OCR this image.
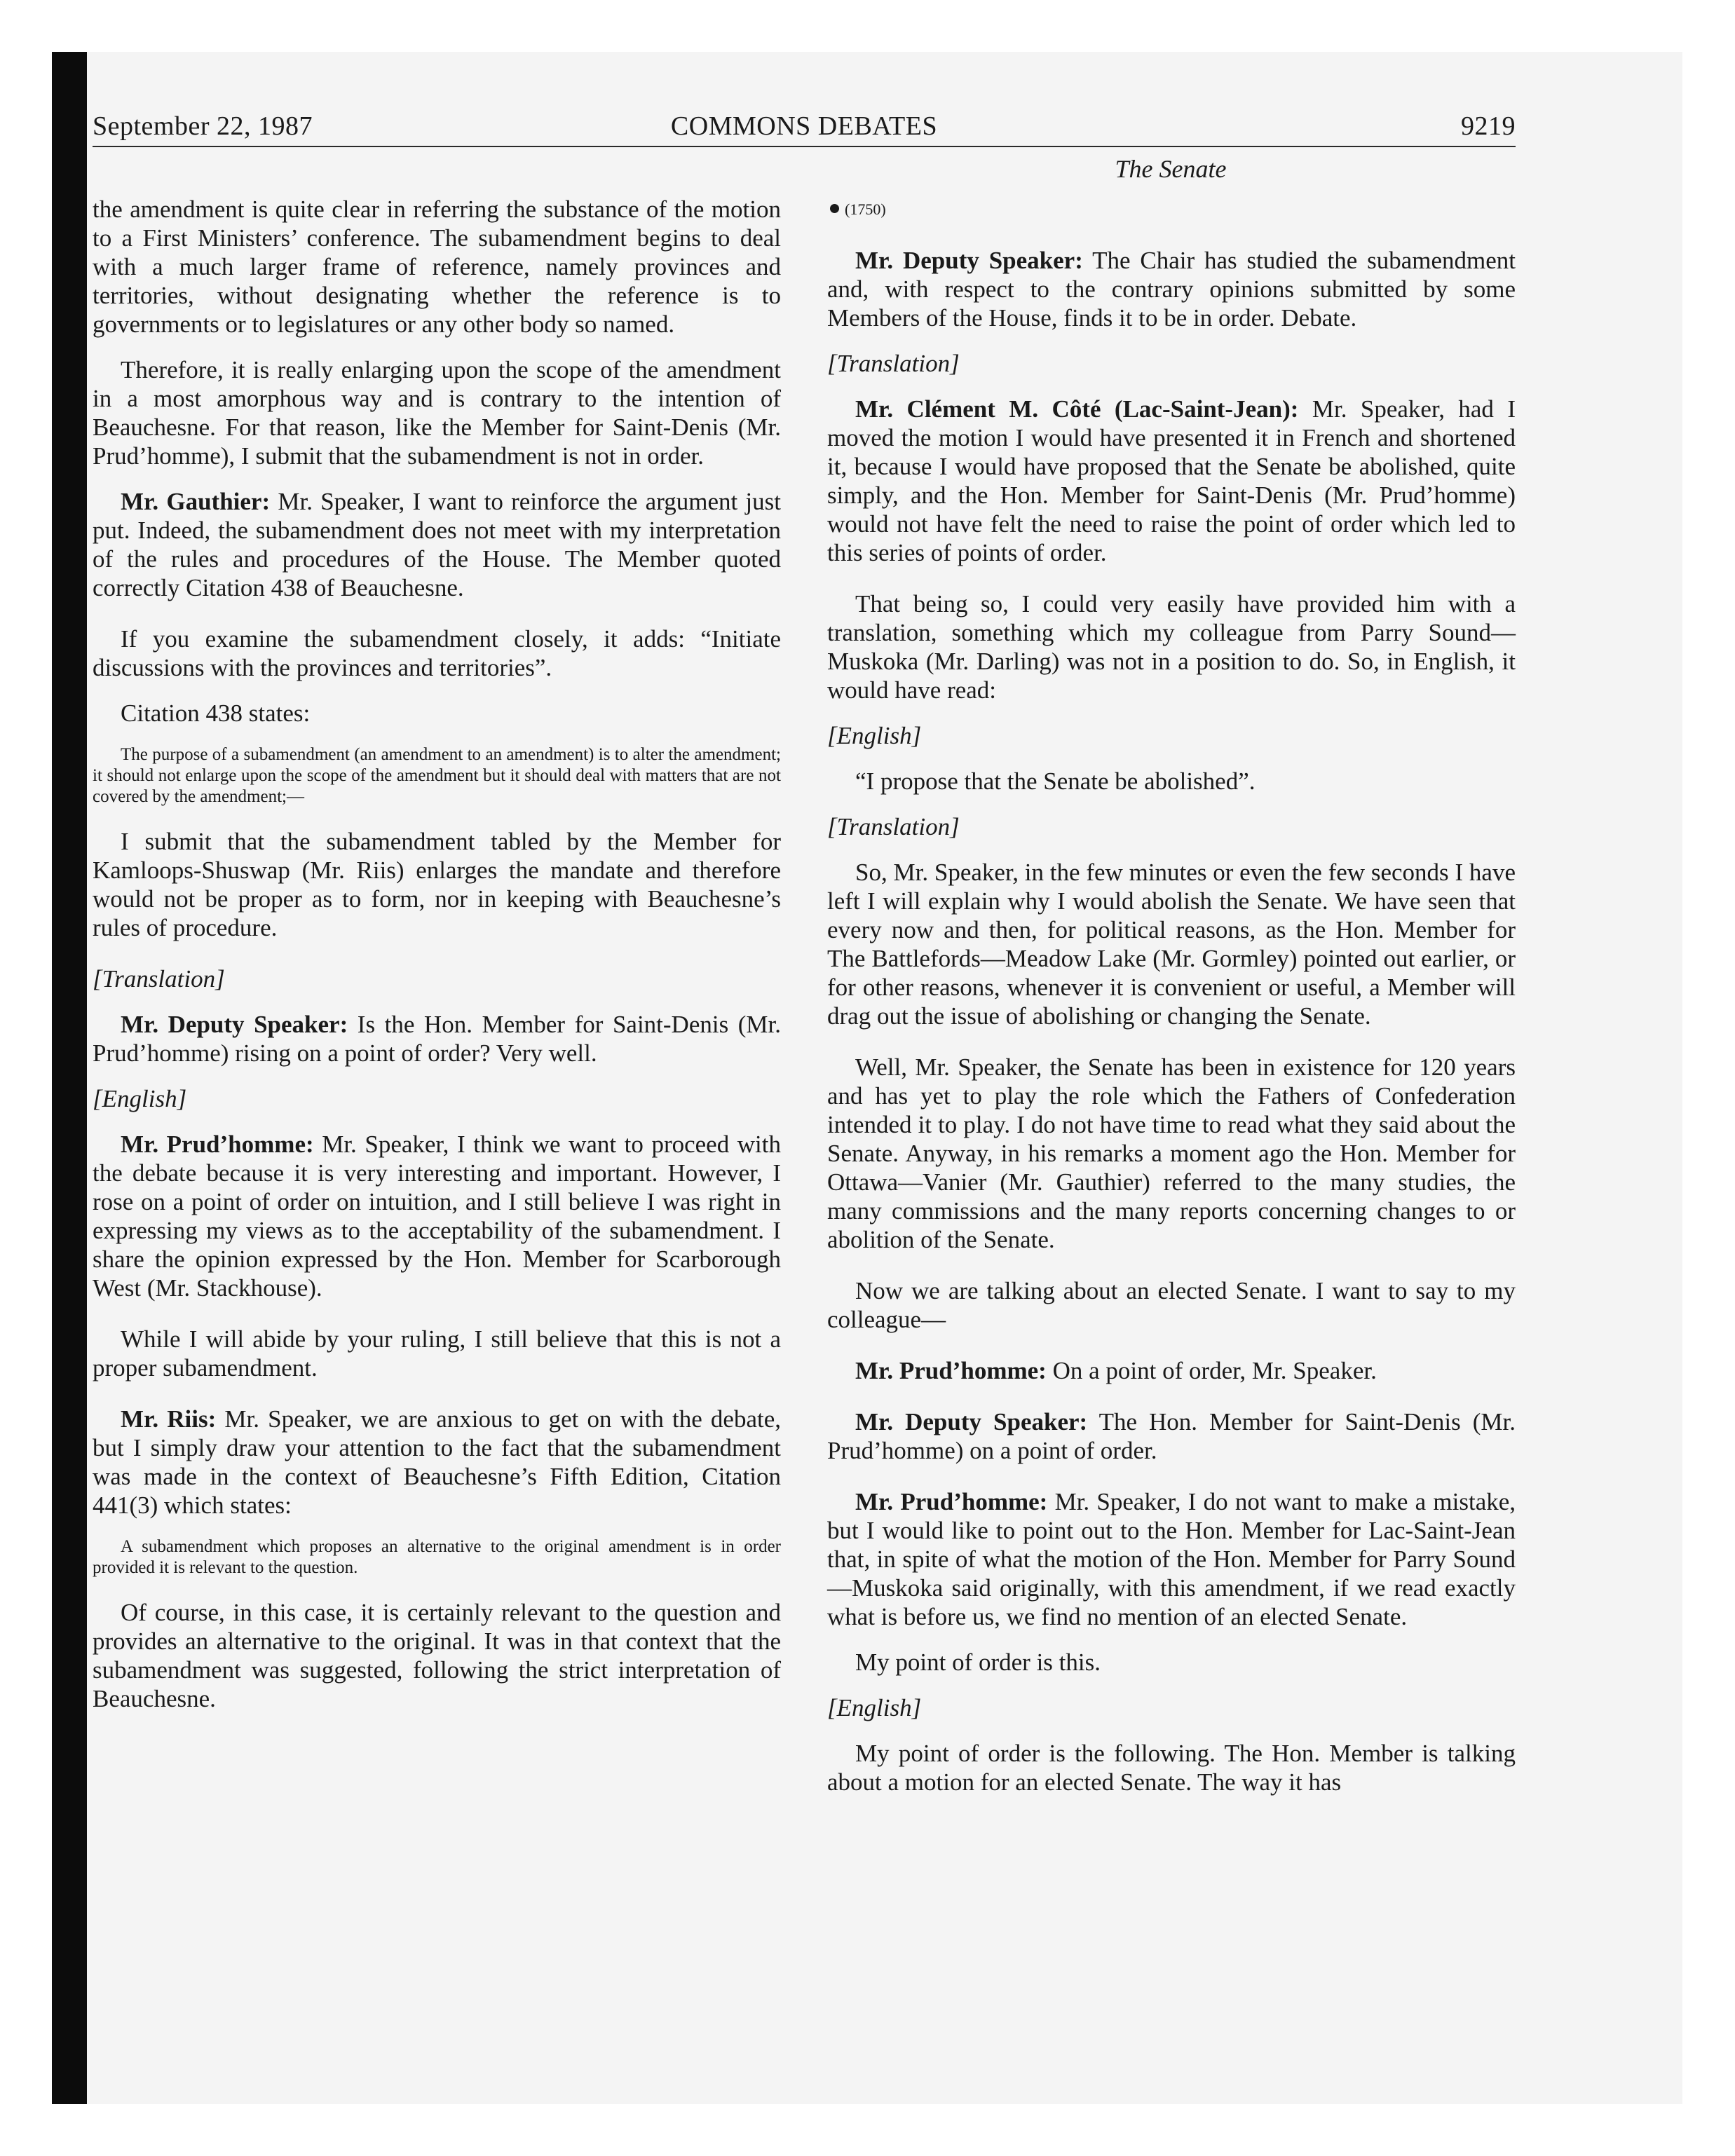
September 22, 1987	COMMONS DEBATES	9219
The Senate

the amendment is quite clear in referring the substance of the motion to a First Ministers’ conference. The subamendment begins to deal with a much larger frame of reference, namely provinces and territories, without designating whether the reference is to governments or to legislatures or any other body so named.

Therefore, it is really enlarging upon the scope of the amendment in a most amorphous way and is contrary to the intention of Beauchesne. For that reason, like the Member for Saint-Denis (Mr. Prud’homme), I submit that the subamendment is not in order.

Mr. Gauthier: Mr. Speaker, I want to reinforce the argument just put. Indeed, the subamendment does not meet with my interpretation of the rules and procedures of the House. The Member quoted correctly Citation 438 of Beauchesne.

If you examine the subamendment closely, it adds: “Initiate discussions with the provinces and territories”.

Citation 438 states:

The purpose of a subamendment (an amendment to an amendment) is to alter the amendment; it should not enlarge upon the scope of the amendment but it should deal with matters that are not covered by the amendment;—

I submit that the subamendment tabled by the Member for Kamloops-Shuswap (Mr. Riis) enlarges the mandate and therefore would not be proper as to form, nor in keeping with Beauchesne’s rules of procedure.

[Translation]

Mr. Deputy Speaker: Is the Hon. Member for Saint-Denis (Mr. Prud’homme) rising on a point of order? Very well.

[English]

Mr. Prud’homme: Mr. Speaker, I think we want to proceed with the debate because it is very interesting and important. However, I rose on a point of order on intuition, and I still believe I was right in expressing my views as to the acceptability of the subamendment. I share the opinion expressed by the Hon. Member for Scarborough West (Mr. Stackhouse).

While I will abide by your ruling, I still believe that this is not a proper subamendment.

Mr. Riis: Mr. Speaker, we are anxious to get on with the debate, but I simply draw your attention to the fact that the subamendment was made in the context of Beauchesne’s Fifth Edition, Citation 441(3) which states:

A subamendment which proposes an alternative to the original amendment is in order provided it is relevant to the question.

Of course, in this case, it is certainly relevant to the question and provides an alternative to the original. It was in that context that the subamendment was suggested, following the strict interpretation of Beauchesne.

(1750)

Mr. Deputy Speaker: The Chair has studied the subamendment and, with respect to the contrary opinions submitted by some Members of the House, finds it to be in order. Debate.

[Translation]

Mr. Clément M. Côté (Lac-Saint-Jean): Mr. Speaker, had I moved the motion I would have presented it in French and shortened it, because I would have proposed that the Senate be abolished, quite simply, and the Hon. Member for Saint-Denis (Mr. Prud’homme) would not have felt the need to raise the point of order which led to this series of points of order.

That being so, I could very easily have provided him with a translation, something which my colleague from Parry Sound—Muskoka (Mr. Darling) was not in a position to do. So, in English, it would have read:

[English]

“I propose that the Senate be abolished”.

[Translation]

So, Mr. Speaker, in the few minutes or even the few seconds I have left I will explain why I would abolish the Senate. We have seen that every now and then, for political reasons, as the Hon. Member for The Battlefords—Meadow Lake (Mr. Gormley) pointed out earlier, or for other reasons, whenever it is convenient or useful, a Member will drag out the issue of abolishing or changing the Senate.

Well, Mr. Speaker, the Senate has been in existence for 120 years and has yet to play the role which the Fathers of Confederation intended it to play. I do not have time to read what they said about the Senate. Anyway, in his remarks a moment ago the Hon. Member for Ottawa—Vanier (Mr. Gauthier) referred to the many studies, the many commissions and the many reports concerning changes to or abolition of the Senate.

Now we are talking about an elected Senate. I want to say to my colleague—

Mr. Prud’homme: On a point of order, Mr. Speaker.

Mr. Deputy Speaker: The Hon. Member for Saint-Denis (Mr. Prud’homme) on a point of order.

Mr. Prud’homme: Mr. Speaker, I do not want to make a mistake, but I would like to point out to the Hon. Member for Lac-Saint-Jean that, in spite of what the motion of the Hon. Member for Parry Sound—Muskoka said originally, with this amendment, if we read exactly what is before us, we find no mention of an elected Senate.

My point of order is this.

[English]

My point of order is the following. The Hon. Member is talking about a motion for an elected Senate. The way it has
